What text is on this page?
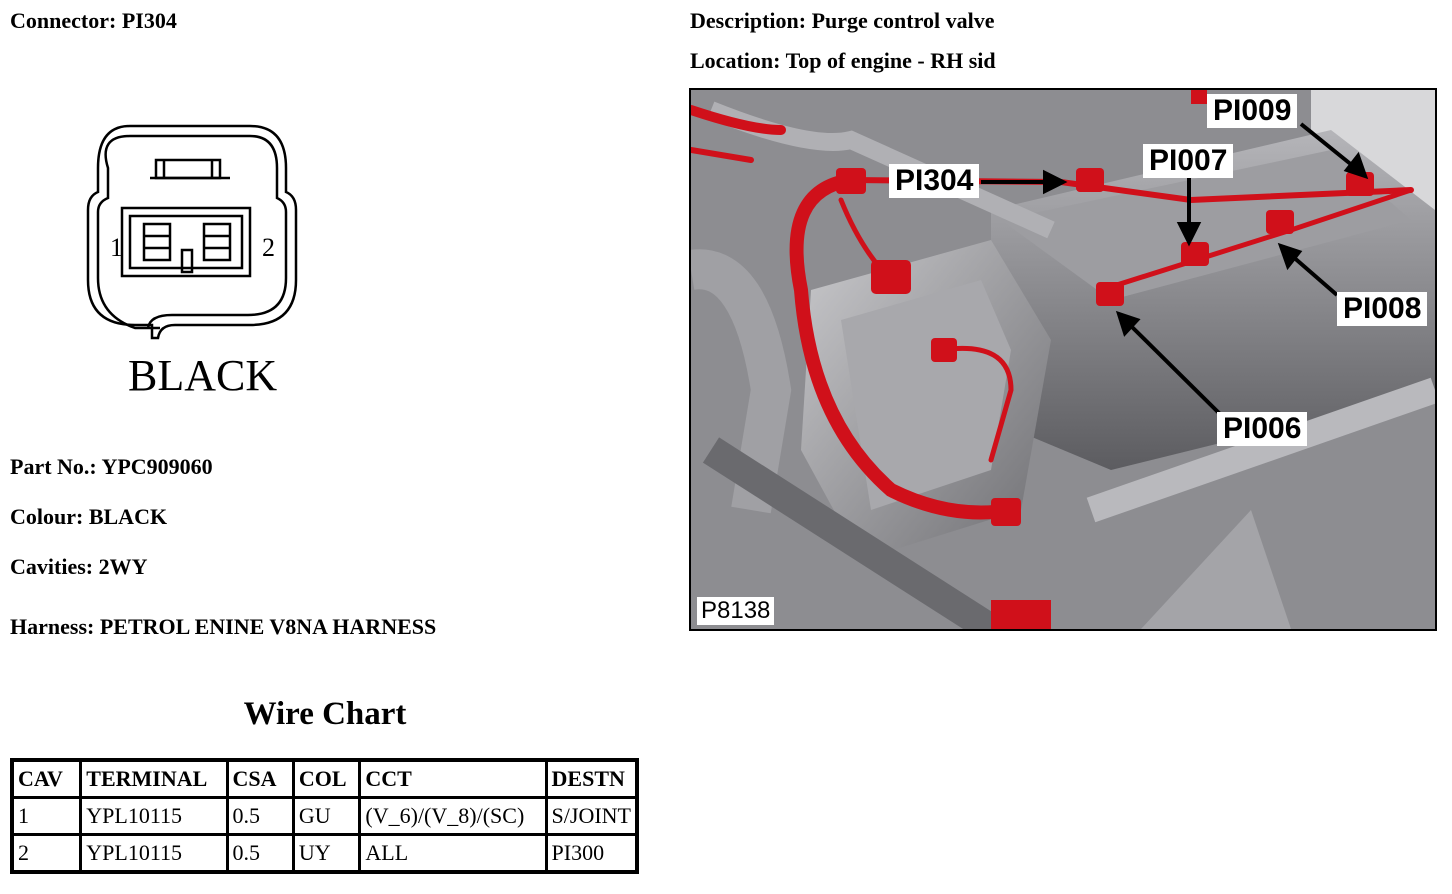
Connector: PI304	Description: Purge control valve
Location: Top of engine - RH sid
1	2
BLACK
Part No.: YPC909060
Colour: BLACK
Cavities: 2WY
Harness: PETROL ENINE V8NA HARNESS
Wire Chart
CAV	TERMINAL	CSA	COL	CCT	DESTN
1	YPL10115	0.5	GU	(V_6)/(V_8)/(SC)	S/JOINT
2	YPL10115	0.5	UY	ALL	PI300
PI009
PI007
PI304
PI008
PI006
P8138
